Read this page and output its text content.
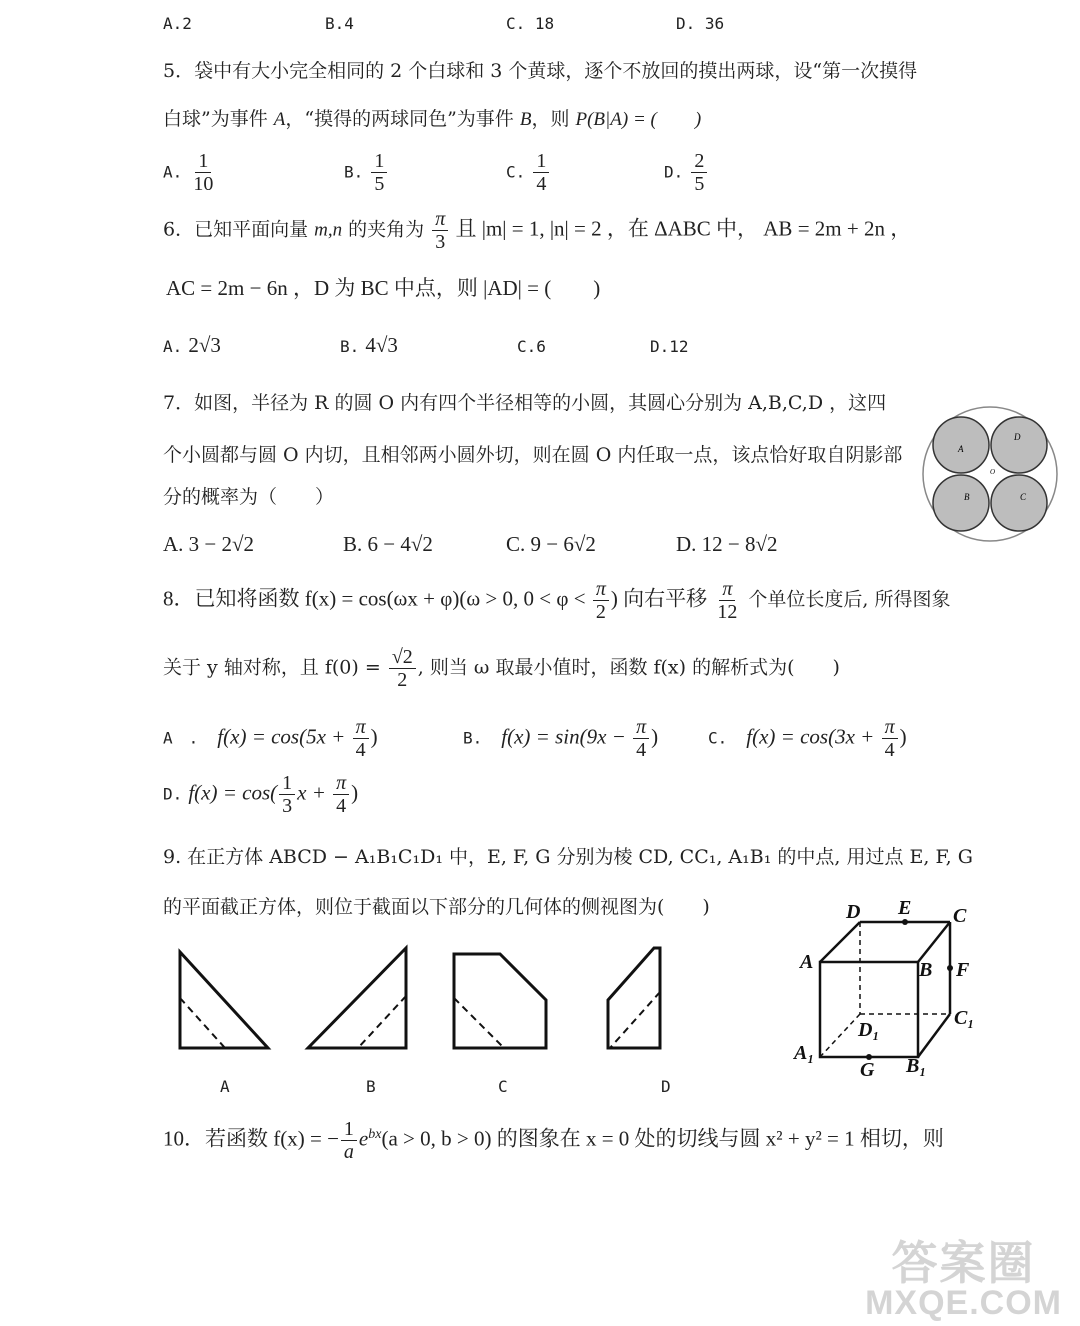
A.2	B.4	C. 18	D. 36
5．袋中有大小完全相同的 2 个白球和 3 个黄球，逐个不放回的摸出两球，设“第一次摸得
白球”为事件 A，“摸得的两球同色”为事件 B，则 P(B|A) = (　　)
A. $\frac{1}{10}$	B. $\frac{1}{5}$	C. $\frac{1}{4}$	D. $\frac{2}{5}$
6．已知平面向量 m,n 的夹角为 $\frac{\pi}{3}$ 且 |m| = 1, |n| = 2 ，在 ΔABC 中， AB = 2m + 2n ，
AC = 2m − 6n ，D 为 BC 中点，则 |AD| = (　　)
A. 2√3	B. 4√3	C.6	D.12
7．如图，半径为 R 的圆 O 内有四个半径相等的小圆，其圆心分别为 A,B,C,D ，这四
个小圆都与圆 O 内切，且相邻两小圆外切，则在圆 O 内任取一点，该点恰好取自阴影部
分的概率为（　　）
A. 3 − 2√2	B. 6 − 4√2	C. 9 − 6√2	D. 12 − 8√2
A
D
B	C
O
8．已知将函数 f(x) = cos(ωx + φ)(ω > 0, $0 < \varphi < \frac{\pi}{2}$ ) 向右平移 $\frac{\pi}{12}$ 个单位长度后, 所得图象
关于 y 轴对称，且 $f(0) = \frac{√2}{2}$ , 则当 ω 取最小值时，函数 f(x) 的解析式为(　　)
A　.　 $f(x) = \cos(5x + \frac{\pi}{4}$ )	B.　 $f(x) = \sin(9x - \frac{\pi}{4}$ )	C.　 $f(x) = \cos(3x + \frac{\pi}{4}$ )
D. $f(x) = \cos( \frac{1}{3}$ $x + \frac{\pi}{4}$ )
9. 在正方体 ABCD − A₁B₁C₁D₁ 中，E, F, G 分别为棱 CD, CC₁, A₁B₁ 的中点, 用过点 E, F, G
的平面截正方体，则位于截面以下部分的几何体的侧视图为(　　)
A	B	C	D
D E C
A	B F
D₁
C₁
A₁
G B₁
10．若函数 f(x) = − $\frac{1}{a} e^{bx}(a > 0$, b > 0) 的图象在 x = 0 处的切线与圆 x² + y² = 1 相切，则
答案圈
MXQE.COM
